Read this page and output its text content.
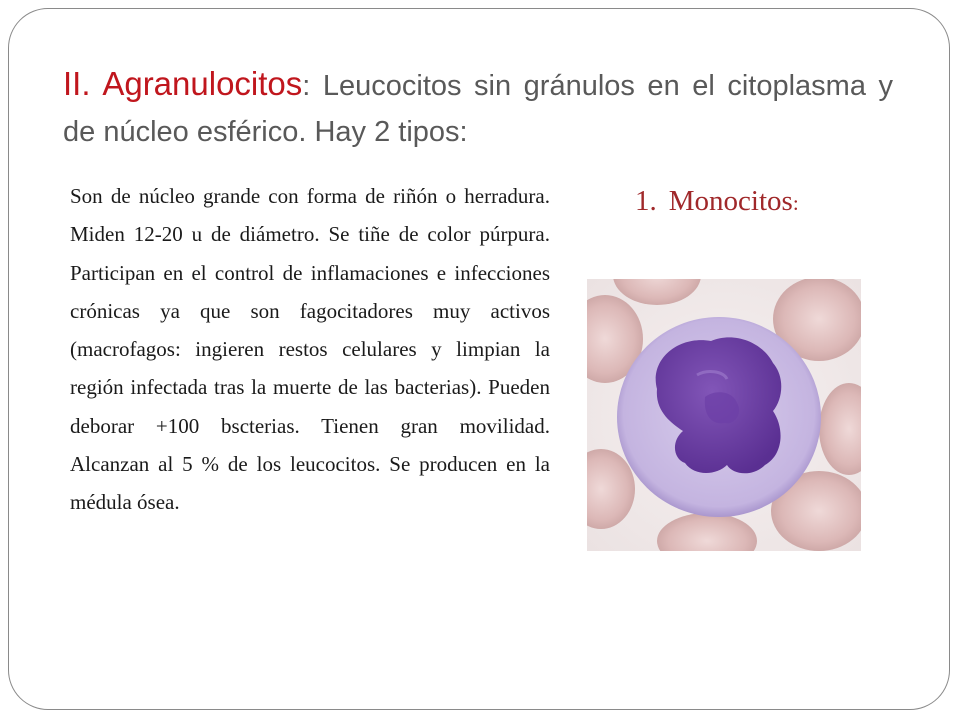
II. Agranulocitos: Leucocitos sin gránulos en el citoplasma y de núcleo esférico. Hay 2 tipos:

Son de núcleo grande con forma de riñón o herradura. Miden 12-20 u de diámetro. Se tiñe de color púrpura. Participan en el control de inflamaciones e infecciones crónicas ya que son fagocitadores muy activos (macrofagos: ingieren restos celulares y limpian la región infectada tras la muerte de las bacterias). Pueden deborar +100 bscterias. Tienen gran movilidad. Alcanzan al 5 % de los leucocitos. Se producen en la médula ósea.

1. Monocitos:
